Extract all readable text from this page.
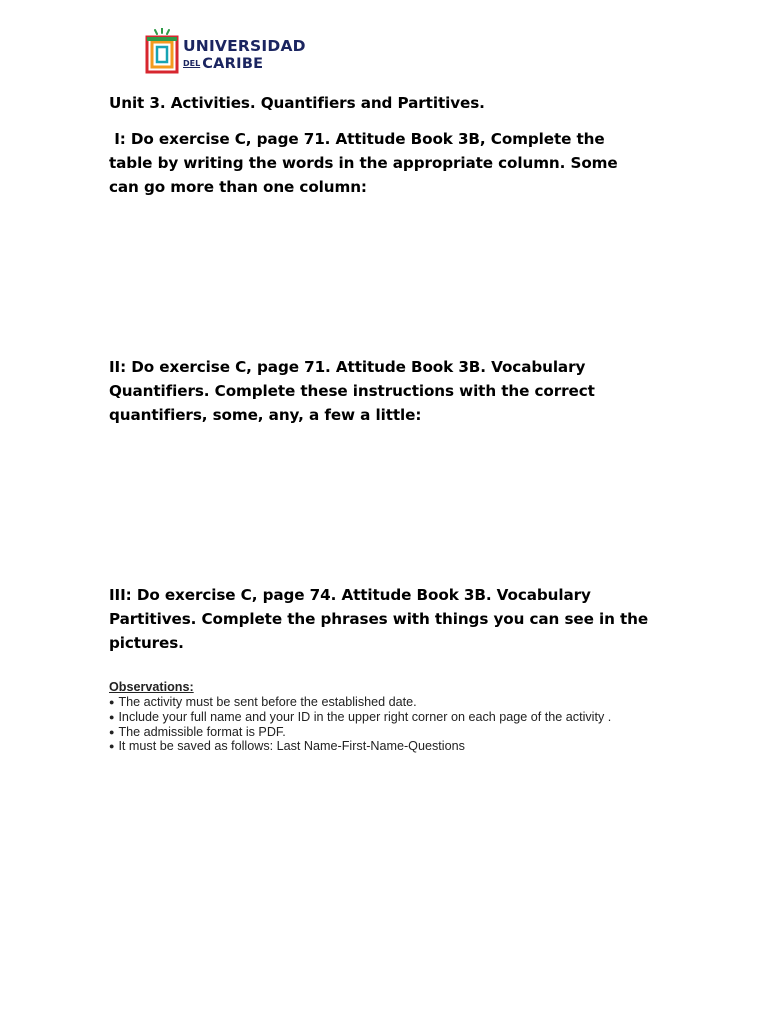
UNIVERSIDAD
DEL CARIBE
Unit 3. Activities. Quantifiers and Partitives.
I: Do exercise C, page 71. Attitude Book 3B, Complete the table by writing the words in the appropriate column. Some can go more than one column:
II: Do exercise C, page 71. Attitude Book 3B. Vocabulary Quantifiers. Complete these instructions with the correct quantifiers, some, any, a few a little:
III: Do exercise C, page 74. Attitude Book 3B. Vocabulary Partitives. Complete the phrases with things you can see in the pictures.
Observations:
● The activity must be sent before the established date.
● Include your full name and your ID in the upper right corner on each page of the activity .
● The admissible format is PDF.
● It must be saved as follows: Last Name-First-Name-Questions
